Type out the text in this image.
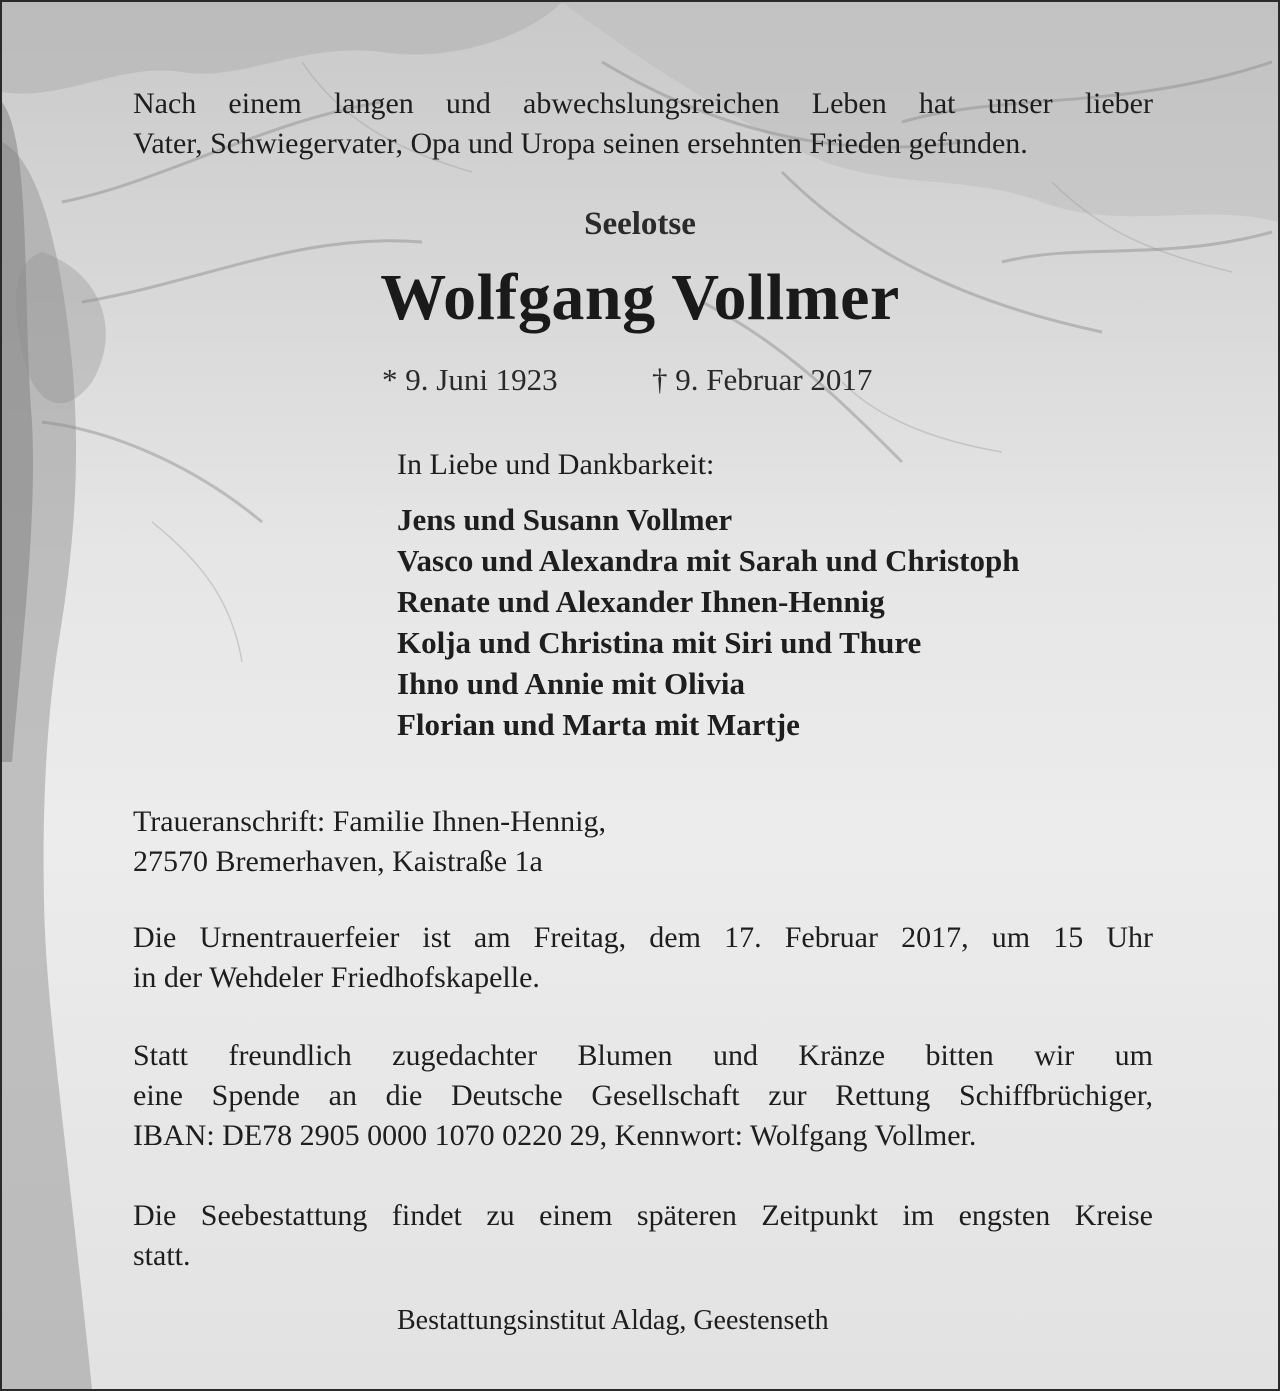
Nach einem langen und abwechslungsreichen Leben hat unser lieber
Vater, Schwiegervater, Opa und Uropa seinen ersehnten Frieden gefunden.

Seelotse
Wolfgang Vollmer
* 9. Juni 1923	† 9. Februar 2017
In Liebe und Dankbarkeit:
Jens und Susann Vollmer
Vasco und Alexandra mit Sarah und Christoph
Renate und Alexander Ihnen-Hennig
Kolja und Christina mit Siri und Thure
Ihno und Annie mit Olivia
Florian und Marta mit Martje

Traueranschrift: Familie Ihnen-Hennig,
27570 Bremerhaven, Kaistraße 1a

Die Urnentrauerfeier ist am Freitag, dem 17. Februar 2017, um 15 Uhr
in der Wehdeler Friedhofskapelle.

Statt freundlich zugedachter Blumen und Kränze bitten wir um
eine Spende an die Deutsche Gesellschaft zur Rettung Schiffbrüchiger,
IBAN: DE78 2905 0000 1070 0220 29, Kennwort: Wolfgang Vollmer.

Die Seebestattung findet zu einem späteren Zeitpunkt im engsten Kreise
statt.

Bestattungsinstitut Aldag, Geestenseth
